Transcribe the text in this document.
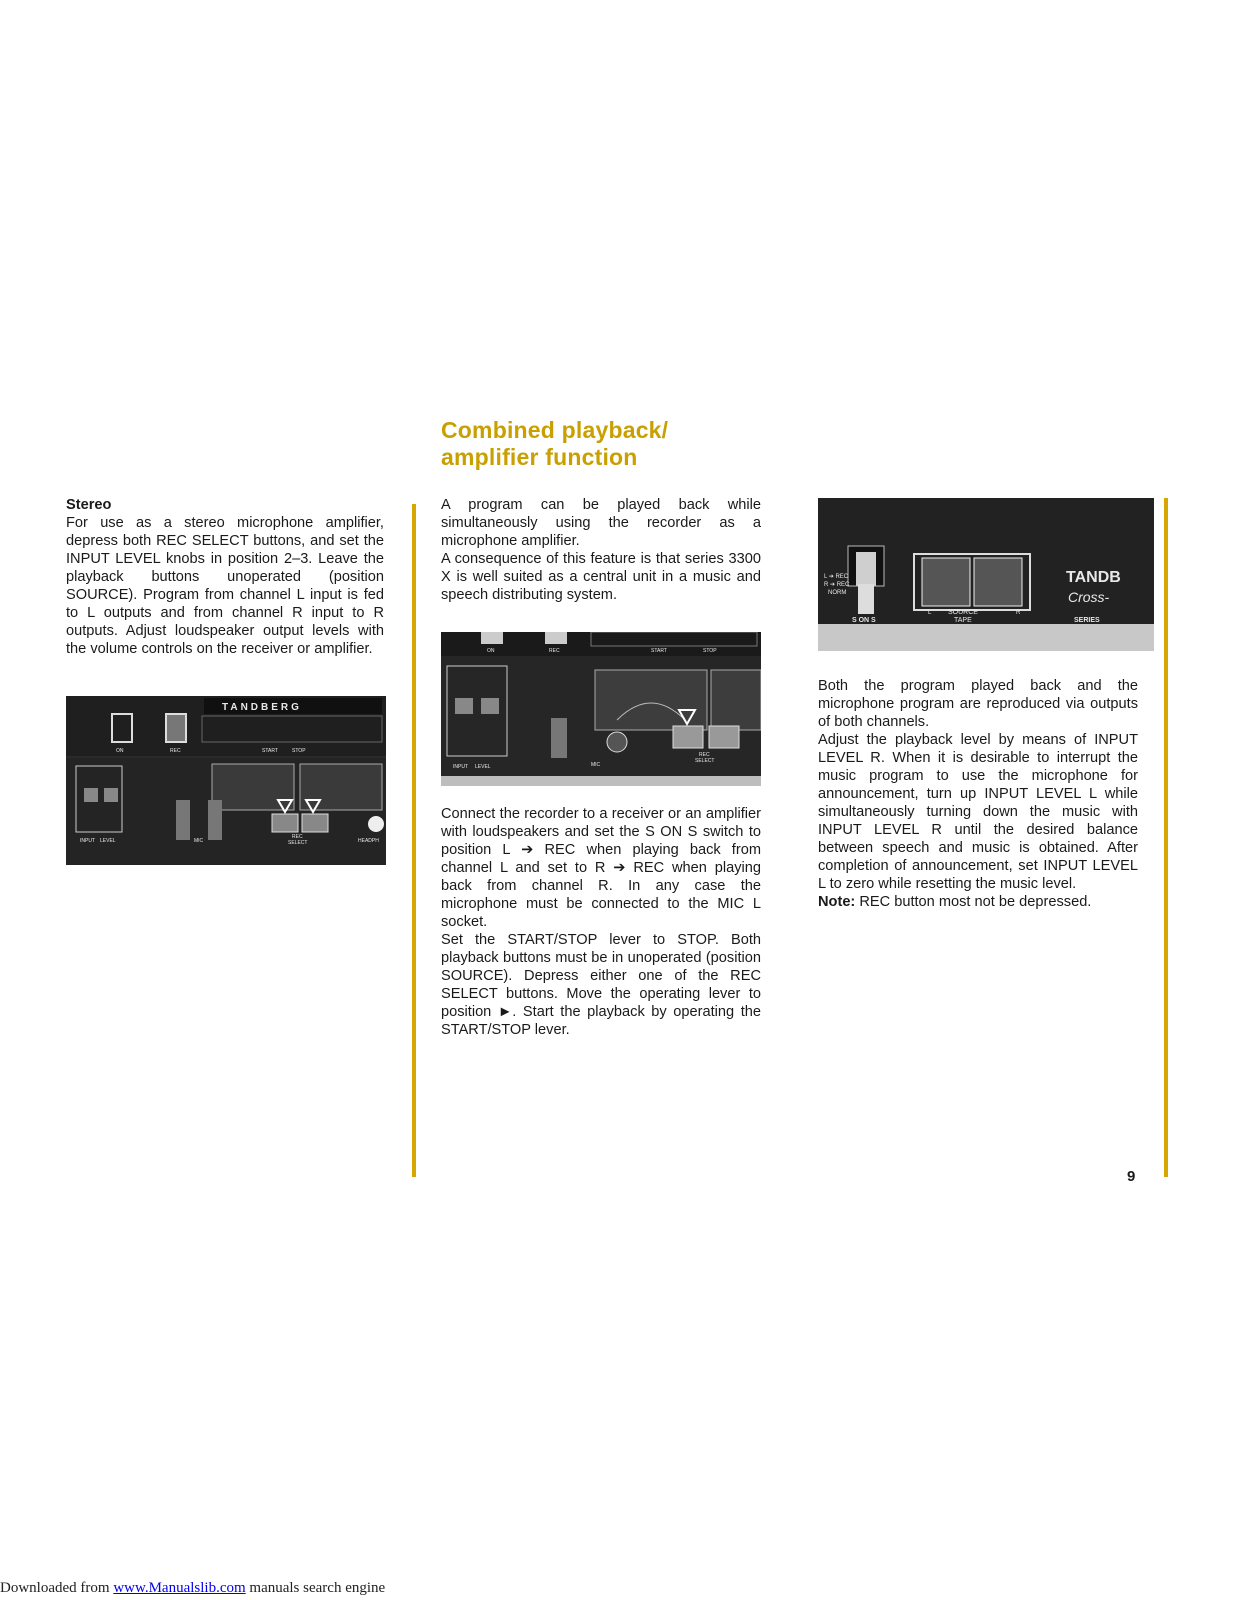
Combined playback/
amplifier function

Stereo

For use as a stereo microphone amplifier, depress both REC SELECT buttons, and set the INPUT LEVEL knobs in position 2–3. Leave the playback buttons unoperated (position SOURCE). Program from channel L input is fed to L outputs and from channel R input to R outputs. Adjust loudspeaker output levels with the volume controls on the receiver or amplifier.

TANDBERG
ON	REC	START	STOP
INPUT LEVEL	MIC
REC
SELECT	HEADPH

A program can be played back while simultaneously using the recorder as a microphone amplifier.

A consequence of this feature is that series 3300 X is well suited as a central unit in a music and speech distributing system.

ON	REC	START	STOP
INPUT LEVEL	MIC
REC
SELECT

Connect the recorder to a receiver or an amplifier with loudspeakers and set the S ON S switch to position L ➔ REC when playing back from channel L and set to R ➔ REC when playing back from channel R. In any case the microphone must be connected to the MIC L socket.

Set the START/STOP lever to STOP. Both playback buttons must be in unoperated (position SOURCE). Depress either one of the REC SELECT buttons. Move the operating lever to position ►. Start the playback by operating the START/STOP lever.

L ➔ REC
R ➔ REC
NORM
S ON S
SOURCE
TAPE
L	R
TANDB
Cross-
SERIES

Both the program played back and the microphone program are reproduced via outputs of both channels.

Adjust the playback level by means of INPUT LEVEL R. When it is desirable to interrupt the music program to use the microphone for announcement, turn up INPUT LEVEL L while simultaneously turning down the music with INPUT LEVEL R until the desired balance between speech and music is obtained. After completion of announcement, set INPUT LEVEL L to zero while resetting the music level.

Note: REC button most not be depressed.

9
Downloaded from www.Manualslib.com manuals search engine
